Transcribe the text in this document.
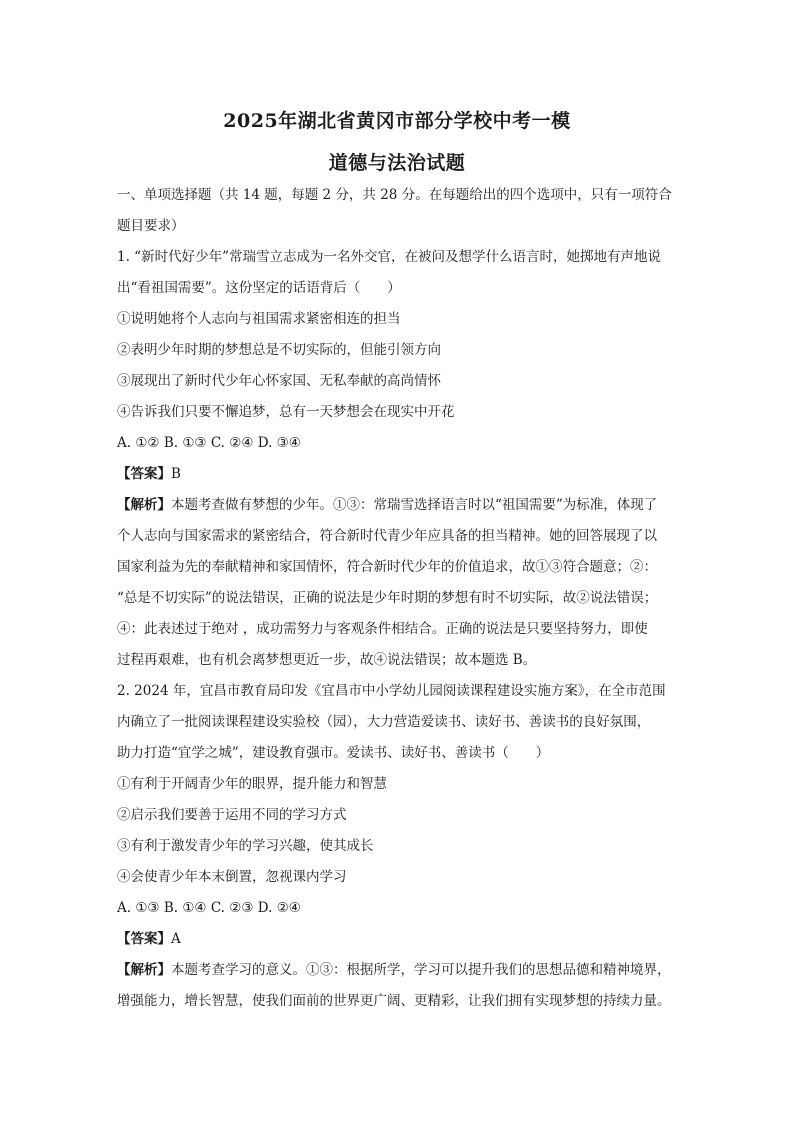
2025年湖北省黄冈市部分学校中考一模
道德与法治试题

一、单项选择题（共 14 题，每题 2 分，共 28 分。在每题给出的四个选项中，只有一项符合

题目要求）

1. “新时代好少年”常瑞雪立志成为一名外交官，在被问及想学什么语言时，她掷地有声地说

出“看祖国需要”。这份坚定的话语背后（　　）

①说明她将个人志向与祖国需求紧密相连的担当

②表明少年时期的梦想总是不切实际的，但能引领方向

③展现出了新时代少年心怀家国、无私奉献的高尚情怀

④告诉我们只要不懈追梦，总有一天梦想会在现实中开花

A. ①② B. ①③ C. ②④ D. ③④

【答案】B

【解析】本题考查做有梦想的少年。①③：常瑞雪选择语言时以“祖国需要”为标准，体现了

个人志向与国家需求的紧密结合，符合新时代青少年应具备的担当精神。她的回答展现了以

国家利益为先的奉献精神和家国情怀，符合新时代少年的价值追求，故①③符合题意；②：

“总是不切实际”的说法错误，正确的说法是少年时期的梦想有时不切实际，故②说法错误；

④：此表述过于绝对 ，成功需努力与客观条件相结合。正确的说法是只要坚持努力，即使

过程再艰难，也有机会离梦想更近一步，故④说法错误；故本题选 B。

2. 2024 年，宜昌市教育局印发《宜昌市中小学幼儿园阅读课程建设实施方案》，在全市范围

内确立了一批阅读课程建设实验校（园），大力营造爱读书、读好书、善读书的良好氛围，

助力打造“宜学之城”，建设教育强市。爱读书、读好书、善读书（　　）

①有利于开阔青少年的眼界，提升能力和智慧

②启示我们要善于运用不同的学习方式

③有利于激发青少年的学习兴趣，使其成长

④会使青少年本末倒置，忽视课内学习

A. ①③ B. ①④ C. ②③ D. ②④

【答案】A

【解析】本题考查学习的意义。①③：根据所学，学习可以提升我们的思想品德和精神境界，

增强能力，增长智慧，使我们面前的世界更广阔、更精彩，让我们拥有实现梦想的持续力量。
